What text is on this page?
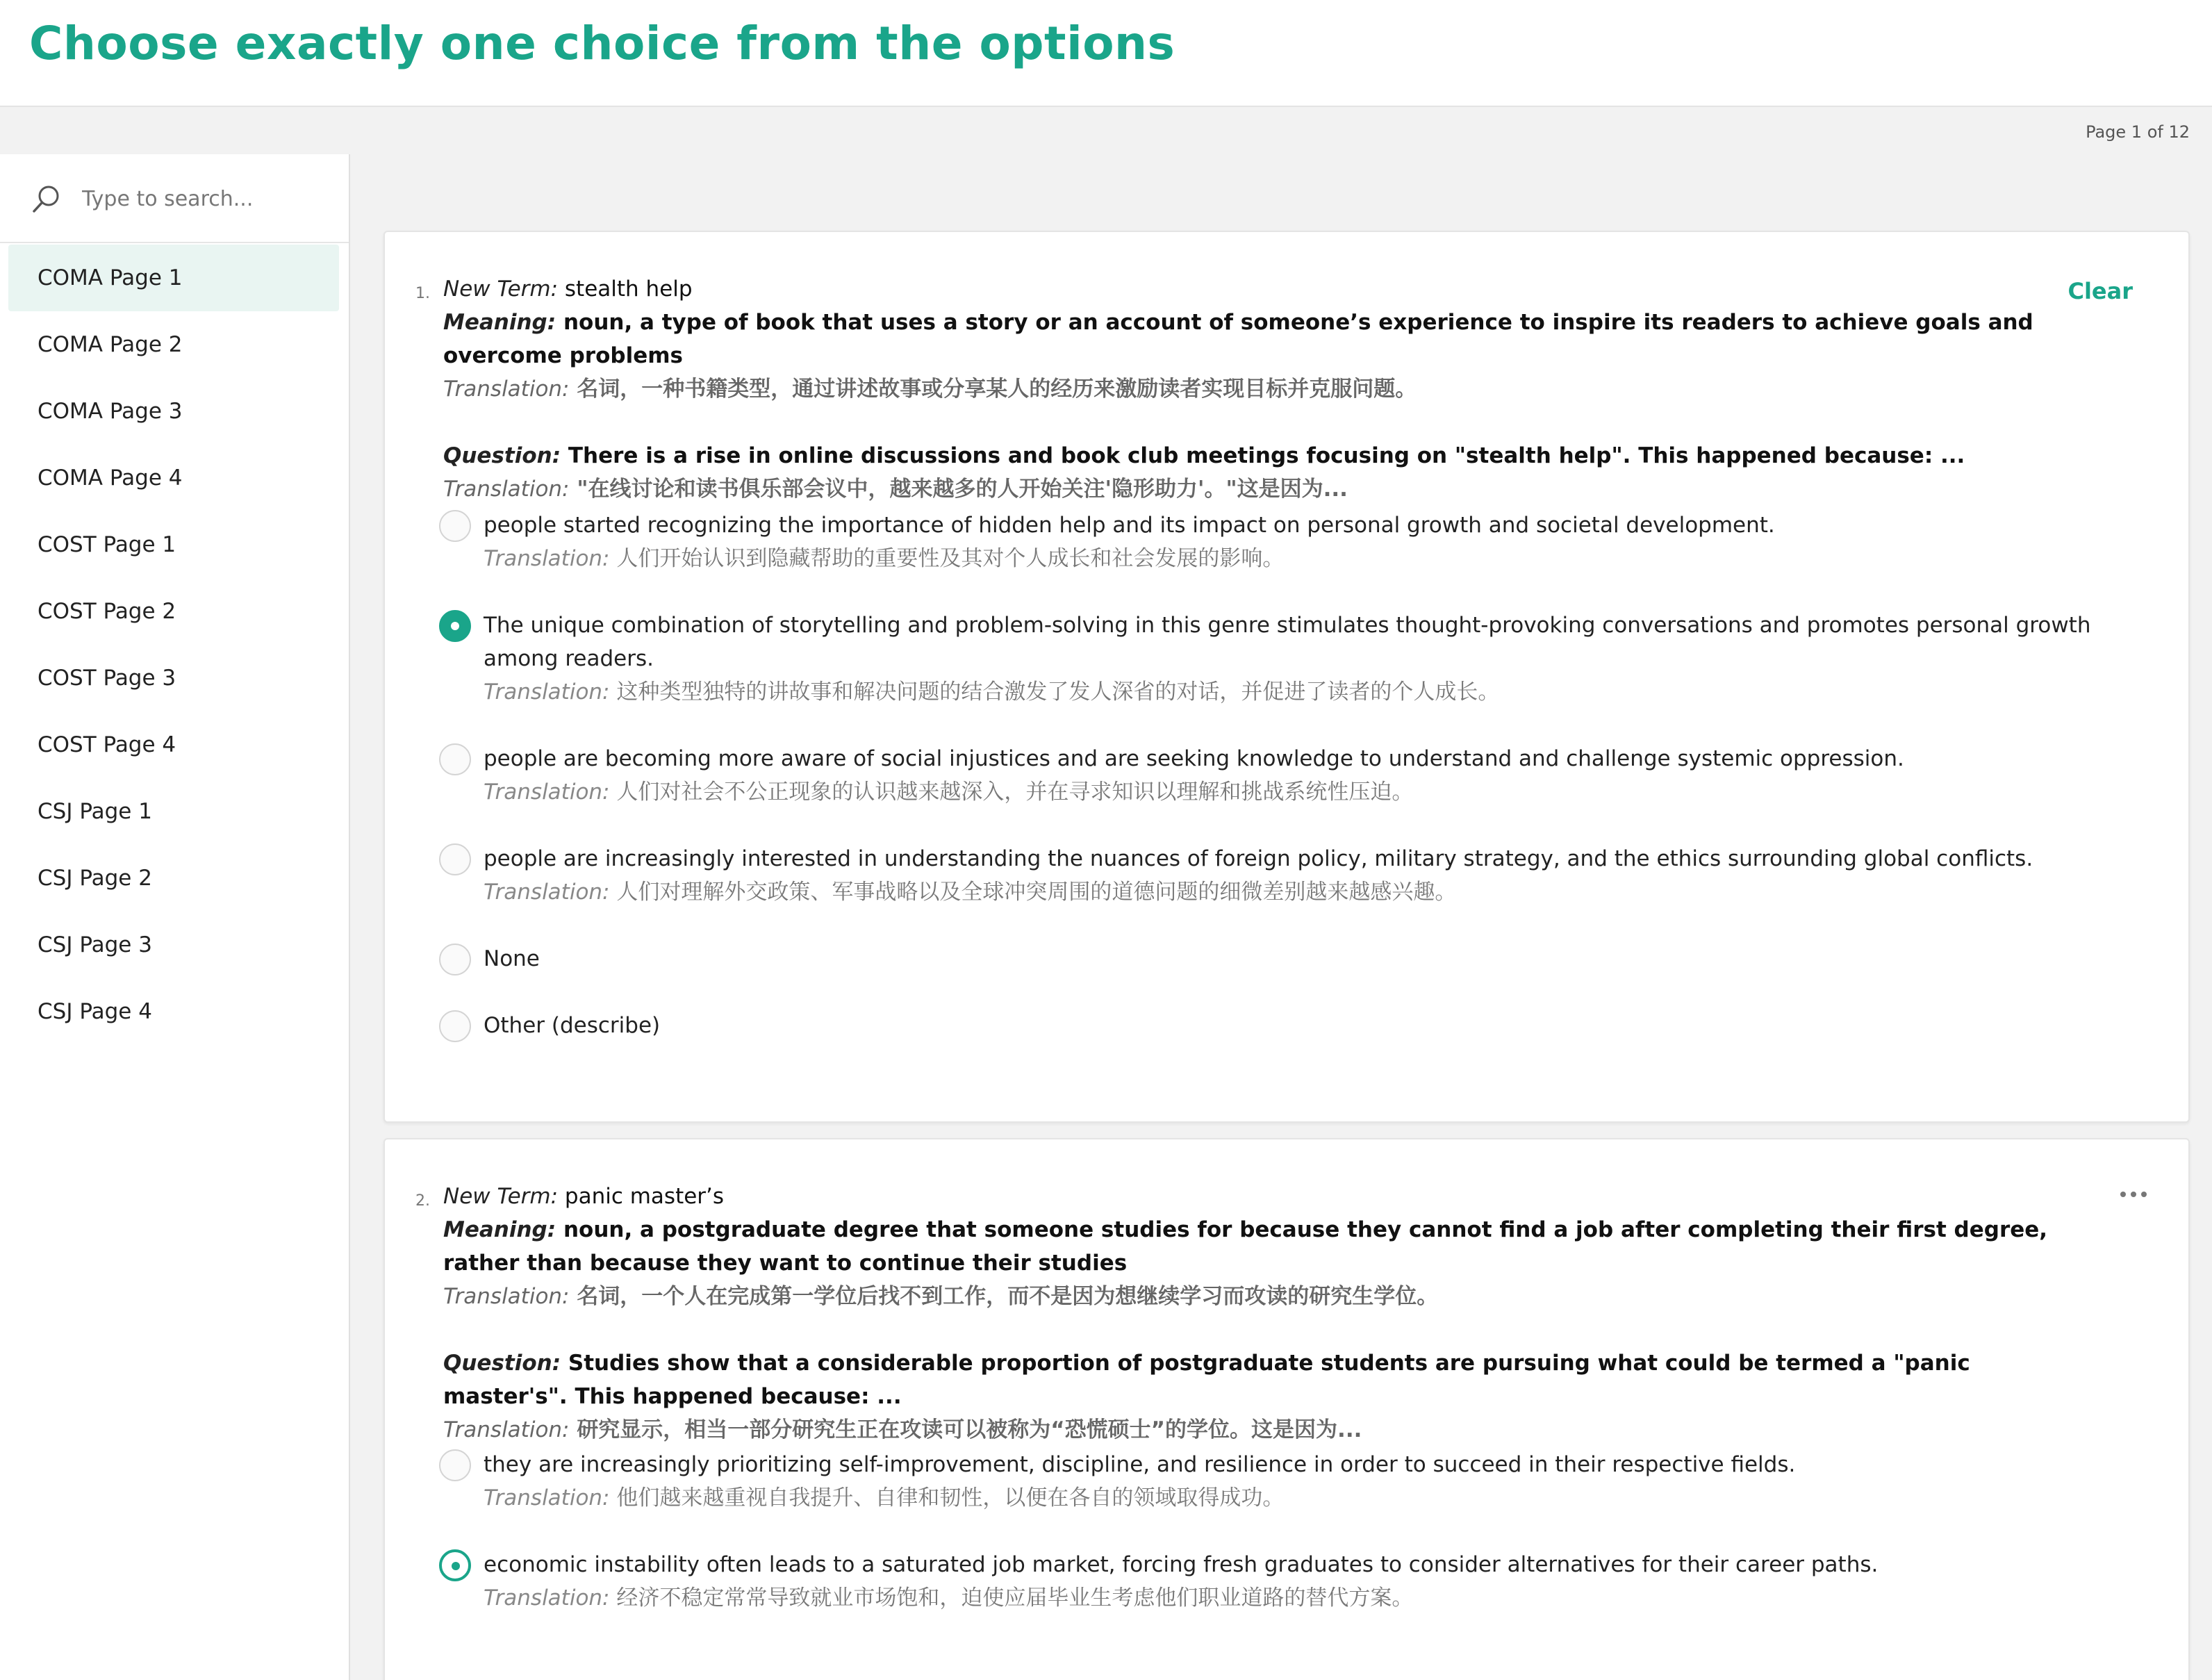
Choose exactly one choice from the options
Page 1 of 12
Type to search...
COMA Page 1
COMA Page 2
COMA Page 3
COMA Page 4
COST Page 1
COST Page 2
COST Page 3
COST Page 4
CSJ Page 1
CSJ Page 2
CSJ Page 3
CSJ Page 4
1.	Clear
New Term: stealth help
Meaning: noun, a type of book that uses a story or an account of someone’s experience to inspire its readers to achieve goals and overcome problems
Translation: 名词，一种书籍类型，通过讲述故事或分享某人的经历来激励读者实现目标并克服问题。
Question: There is a rise in online discussions and book club meetings focusing on "stealth help". This happened because: ...
Translation: "在线讨论和读书俱乐部会议中，越来越多的人开始关注'隐形助力'。"这是因为...
people started recognizing the importance of hidden help and its impact on personal growth and societal development.
Translation: 人们开始认识到隐藏帮助的重要性及其对个人成长和社会发展的影响。
The unique combination of storytelling and problem-solving in this genre stimulates thought-provoking conversations and promotes personal growth among readers.
Translation: 这种类型独特的讲故事和解决问题的结合激发了发人深省的对话，并促进了读者的个人成长。
people are becoming more aware of social injustices and are seeking knowledge to understand and challenge systemic oppression.
Translation: 人们对社会不公正现象的认识越来越深入，并在寻求知识以理解和挑战系统性压迫。
people are increasingly interested in understanding the nuances of foreign policy, military strategy, and the ethics surrounding global conflicts.
Translation: 人们对理解外交政策、军事战略以及全球冲突周围的道德问题的细微差别越来越感兴趣。
None
Other (describe)
2. New Term: panic master’s
Meaning: noun, a postgraduate degree that someone studies for because they cannot find a job after completing their first degree, rather than because they want to continue their studies
Translation: 名词，一个人在完成第一学位后找不到工作，而不是因为想继续学习而攻读的研究生学位。
Question: Studies show that a considerable proportion of postgraduate students are pursuing what could be termed a "panic master's". This happened because: ...
Translation: 研究显示，相当一部分研究生正在攻读可以被称为“恐慌硕士”的学位。这是因为...
they are increasingly prioritizing self-improvement, discipline, and resilience in order to succeed in their respective fields.
Translation: 他们越来越重视自我提升、自律和韧性，以便在各自的领域取得成功。
economic instability often leads to a saturated job market, forcing fresh graduates to consider alternatives for their career paths.
Translation: 经济不稳定常常导致就业市场饱和，迫使应届毕业生考虑他们职业道路的替代方案。
